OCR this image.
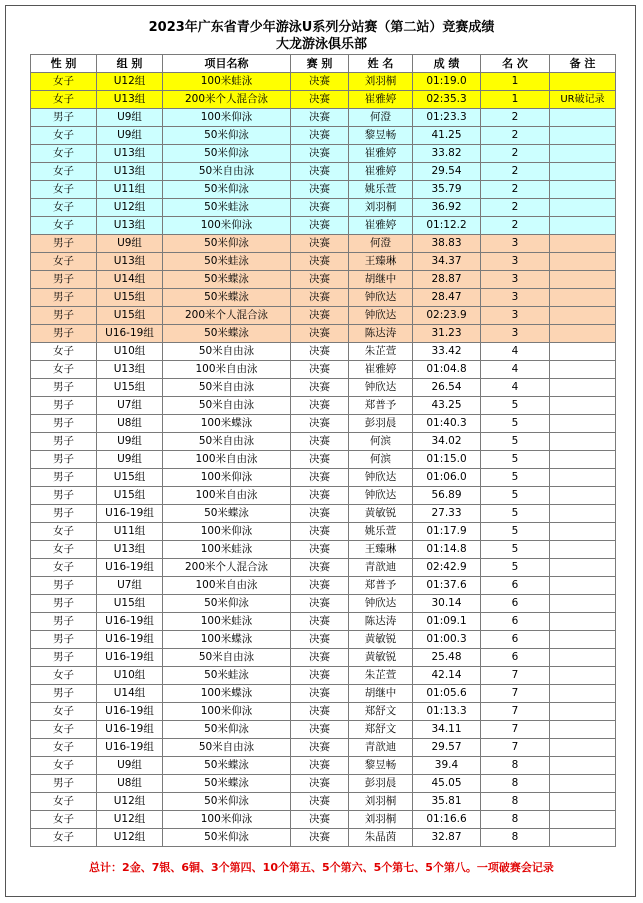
2023年广东省青少年游泳U系列分站赛（第二站）竞赛成绩
大龙游泳俱乐部
性 别	组 别	项目名称	赛 别	姓 名	成 绩	名 次	备 注
女子	U12组	100米蛙泳	决赛	刘羽桐	01:19.0	1	
女子	U13组	200米个人混合泳	决赛	崔雅婷	02:35.3	1	UR破记录
男子	U9组	100米仰泳	决赛	何澄	01:23.3	2	
女子	U9组	50米仰泳	决赛	黎昱畅	41.25	2	
女子	U13组	50米仰泳	决赛	崔雅婷	33.82	2	
女子	U13组	50米自由泳	决赛	崔雅婷	29.54	2	
女子	U11组	50米仰泳	决赛	姚乐萱	35.79	2	
女子	U12组	50米蛙泳	决赛	刘羽桐	36.92	2	
女子	U13组	100米仰泳	决赛	崔雅婷	01:12.2	2	
男子	U9组	50米仰泳	决赛	何澄	38.83	3	
女子	U13组	50米蛙泳	决赛	王臻琳	34.37	3	
男子	U14组	50米蝶泳	决赛	胡继中	28.87	3	
男子	U15组	50米蝶泳	决赛	钟欣达	28.47	3	
男子	U15组	200米个人混合泳	决赛	钟欣达	02:23.9	3	
男子	U16-19组	50米蝶泳	决赛	陈达涛	31.23	3	
女子	U10组	50米自由泳	决赛	朱芷萱	33.42	4	
女子	U13组	100米自由泳	决赛	崔雅婷	01:04.8	4	
男子	U15组	50米自由泳	决赛	钟欣达	26.54	4	
男子	U7组	50米自由泳	决赛	郑普予	43.25	5	
男子	U8组	100米蝶泳	决赛	彭羽晨	01:40.3	5	
男子	U9组	50米自由泳	决赛	何滨	34.02	5	
男子	U9组	100米自由泳	决赛	何滨	01:15.0	5	
男子	U15组	100米仰泳	决赛	钟欣达	01:06.0	5	
男子	U15组	100米自由泳	决赛	钟欣达	56.89	5	
男子	U16-19组	50米蝶泳	决赛	黄敏锐	27.33	5	
女子	U11组	100米仰泳	决赛	姚乐萱	01:17.9	5	
女子	U13组	100米蛙泳	决赛	王臻琳	01:14.8	5	
女子	U16-19组	200米个人混合泳	决赛	青歆迪	02:42.9	5	
男子	U7组	100米自由泳	决赛	郑普予	01:37.6	6	
男子	U15组	50米仰泳	决赛	钟欣达	30.14	6	
男子	U16-19组	100米蛙泳	决赛	陈达涛	01:09.1	6	
男子	U16-19组	100米蝶泳	决赛	黄敏锐	01:00.3	6	
男子	U16-19组	50米自由泳	决赛	黄敏锐	25.48	6	
女子	U10组	50米蛙泳	决赛	朱芷萱	42.14	7	
男子	U14组	100米蝶泳	决赛	胡继中	01:05.6	7	
女子	U16-19组	100米仰泳	决赛	郑舒文	01:13.3	7	
女子	U16-19组	50米仰泳	决赛	郑舒文	34.11	7	
女子	U16-19组	50米自由泳	决赛	青歆迪	29.57	7	
女子	U9组	50米蝶泳	决赛	黎昱畅	39.4	8	
男子	U8组	50米蝶泳	决赛	彭羽晨	45.05	8	
女子	U12组	50米仰泳	决赛	刘羽桐	35.81	8	
女子	U12组	100米仰泳	决赛	刘羽桐	01:16.6	8	
女子	U12组	50米仰泳	决赛	朱晶茵	32.87	8	
总计：2金、7银、6铜、3个第四、10个第五、5个第六、5个第七、5个第八。一项破赛会记录
